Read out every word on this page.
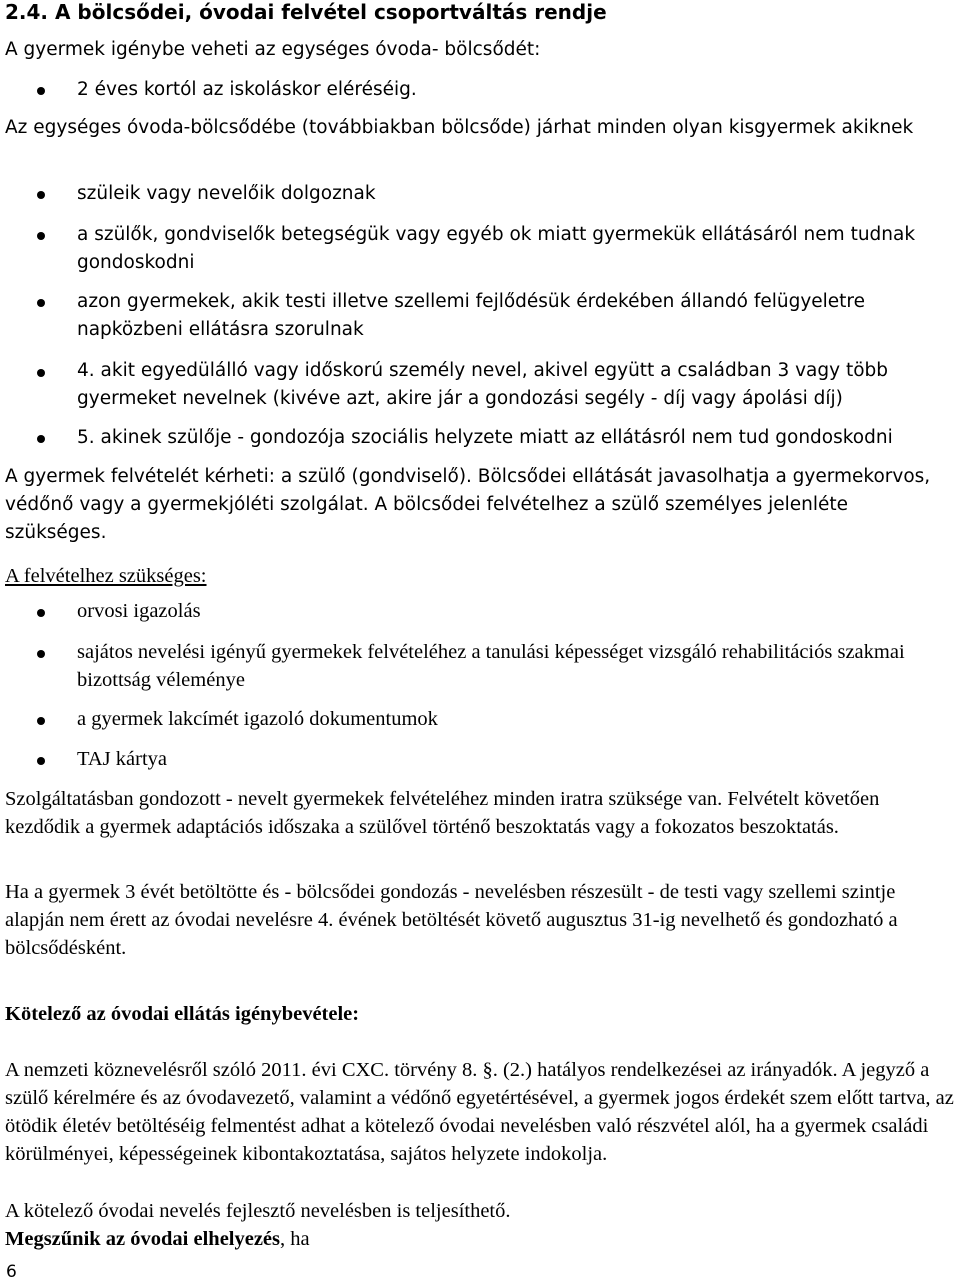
2.4. A bölcsődei, óvodai felvétel csoportváltás rendje

A gyermek igénybe veheti az egységes óvoda- bölcsődét:

2 éves kortól az iskoláskor eléréséig.

Az egységes óvoda-bölcsődébe (továbbiakban bölcsőde) járhat minden olyan kisgyermek akiknek

szüleik vagy nevelőik dolgoznak

a szülők, gondviselők betegségük vagy egyéb ok miatt gyermekük ellátásáról nem tudnak gondoskodni

azon gyermekek, akik testi illetve szellemi fejlődésük érdekében állandó felügyeletre napközbeni ellátásra szorulnak

4. akit egyedülálló vagy időskorú személy nevel, akivel együtt a családban 3 vagy több gyermeket nevelnek (kivéve azt, akire jár a gondozási segély - díj vagy ápolási díj)

5. akinek szülője - gondozója szociális helyzete miatt az ellátásról nem tud gondoskodni

A gyermek felvételét kérheti: a szülő (gondviselő). Bölcsődei ellátását javasolhatja a gyermekorvos, védőnő vagy a gyermekjóléti szolgálat. A bölcsődei felvételhez a szülő személyes jelenléte szükséges.

A felvételhez szükséges:

orvosi igazolás

sajátos nevelési igényű gyermekek felvételéhez a tanulási képességet vizsgáló rehabilitációs szakmai bizottság véleménye

a gyermek lakcímét igazoló dokumentumok

TAJ kártya

Szolgáltatásban gondozott - nevelt gyermekek felvételéhez minden iratra szüksége van. Felvételt követően kezdődik a gyermek adaptációs időszaka a szülővel történő beszoktatás vagy a fokozatos beszoktatás.

Ha a gyermek 3 évét betöltötte és - bölcsődei gondozás - nevelésben részesült - de testi vagy szellemi szintje alapján nem érett az óvodai nevelésre 4. évének betöltését követő augusztus 31-ig nevelhető és gondozható a bölcsődésként.

Kötelező az óvodai ellátás igénybevétele:

A nemzeti köznevelésről szóló 2011. évi CXC. törvény 8. §. (2.) hatályos rendelkezései az irányadók. A jegyző a szülő kérelmére és az óvodavezető, valamint a védőnő egyetértésével, a gyermek jogos érdekét szem előtt tartva, az ötödik életév betöltéséig felmentést adhat a kötelező óvodai nevelésben való részvétel alól, ha a gyermek családi körülményei, képességeinek kibontakoztatása, sajátos helyzete indokolja.

A kötelező óvodai nevelés fejlesztő nevelésben is teljesíthető.

Megszűnik az óvodai elhelyezés, ha

6
